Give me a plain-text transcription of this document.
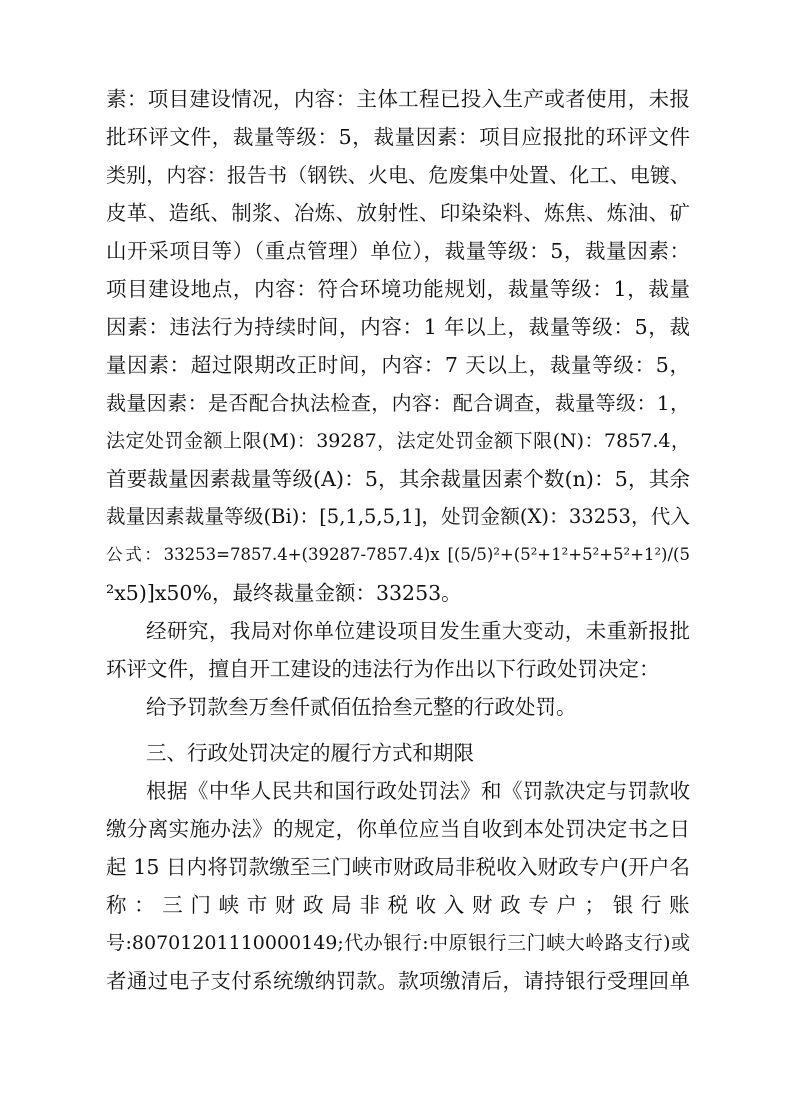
素：项目建设情况，内容：主体工程已投入生产或者使用，未报
批环评文件，裁量等级：5，裁量因素：项目应报批的环评文件
类别，内容：报告书（钢铁、火电、危废集中处置、化工、电镀、
皮革、造纸、制浆、冶炼、放射性、印染染料、炼焦、炼油、矿
山开采项目等）（重点管理）单位），裁量等级：5，裁量因素：
项目建设地点，内容：符合环境功能规划，裁量等级：1，裁量
因素：违法行为持续时间，内容：1 年以上，裁量等级：5，裁
量因素：超过限期改正时间，内容：7 天以上，裁量等级：5，
裁量因素：是否配合执法检查，内容：配合调查，裁量等级：1，
法定处罚金额上限(M)：39287，法定处罚金额下限(N)：7857.4，
首要裁量因素裁量等级(A)：5，其余裁量因素个数(n)：5，其余
裁量因素裁量等级(Bi)：[5,1,5,5,1]，处罚金额(X)：33253，代入
公式：33253=7857.4+(39287-7857.4)x [(5/5)²+(5²+1²+5²+5²+1²)/(5
²x5)]x50%，最终裁量金额：33253。
经研究，我局对你单位建设项目发生重大变动，未重新报批
环评文件，擅自开工建设的违法行为作出以下行政处罚决定：
给予罚款叁万叁仟贰佰伍拾叁元整的行政处罚。
三、行政处罚决定的履行方式和期限
根据《中华人民共和国行政处罚法》和《罚款决定与罚款收
缴分离实施办法》的规定，你单位应当自收到本处罚决定书之日
起 15 日内将罚款缴至三门峡市财政局非税收入财政专户(开户名
称：三门峡市财政局非税收入财政专户；银行账
号:80701201110000149;代办银行:中原银行三门峡大岭路支行)或
者通过电子支付系统缴纳罚款。款项缴清后，请持银行受理回单
